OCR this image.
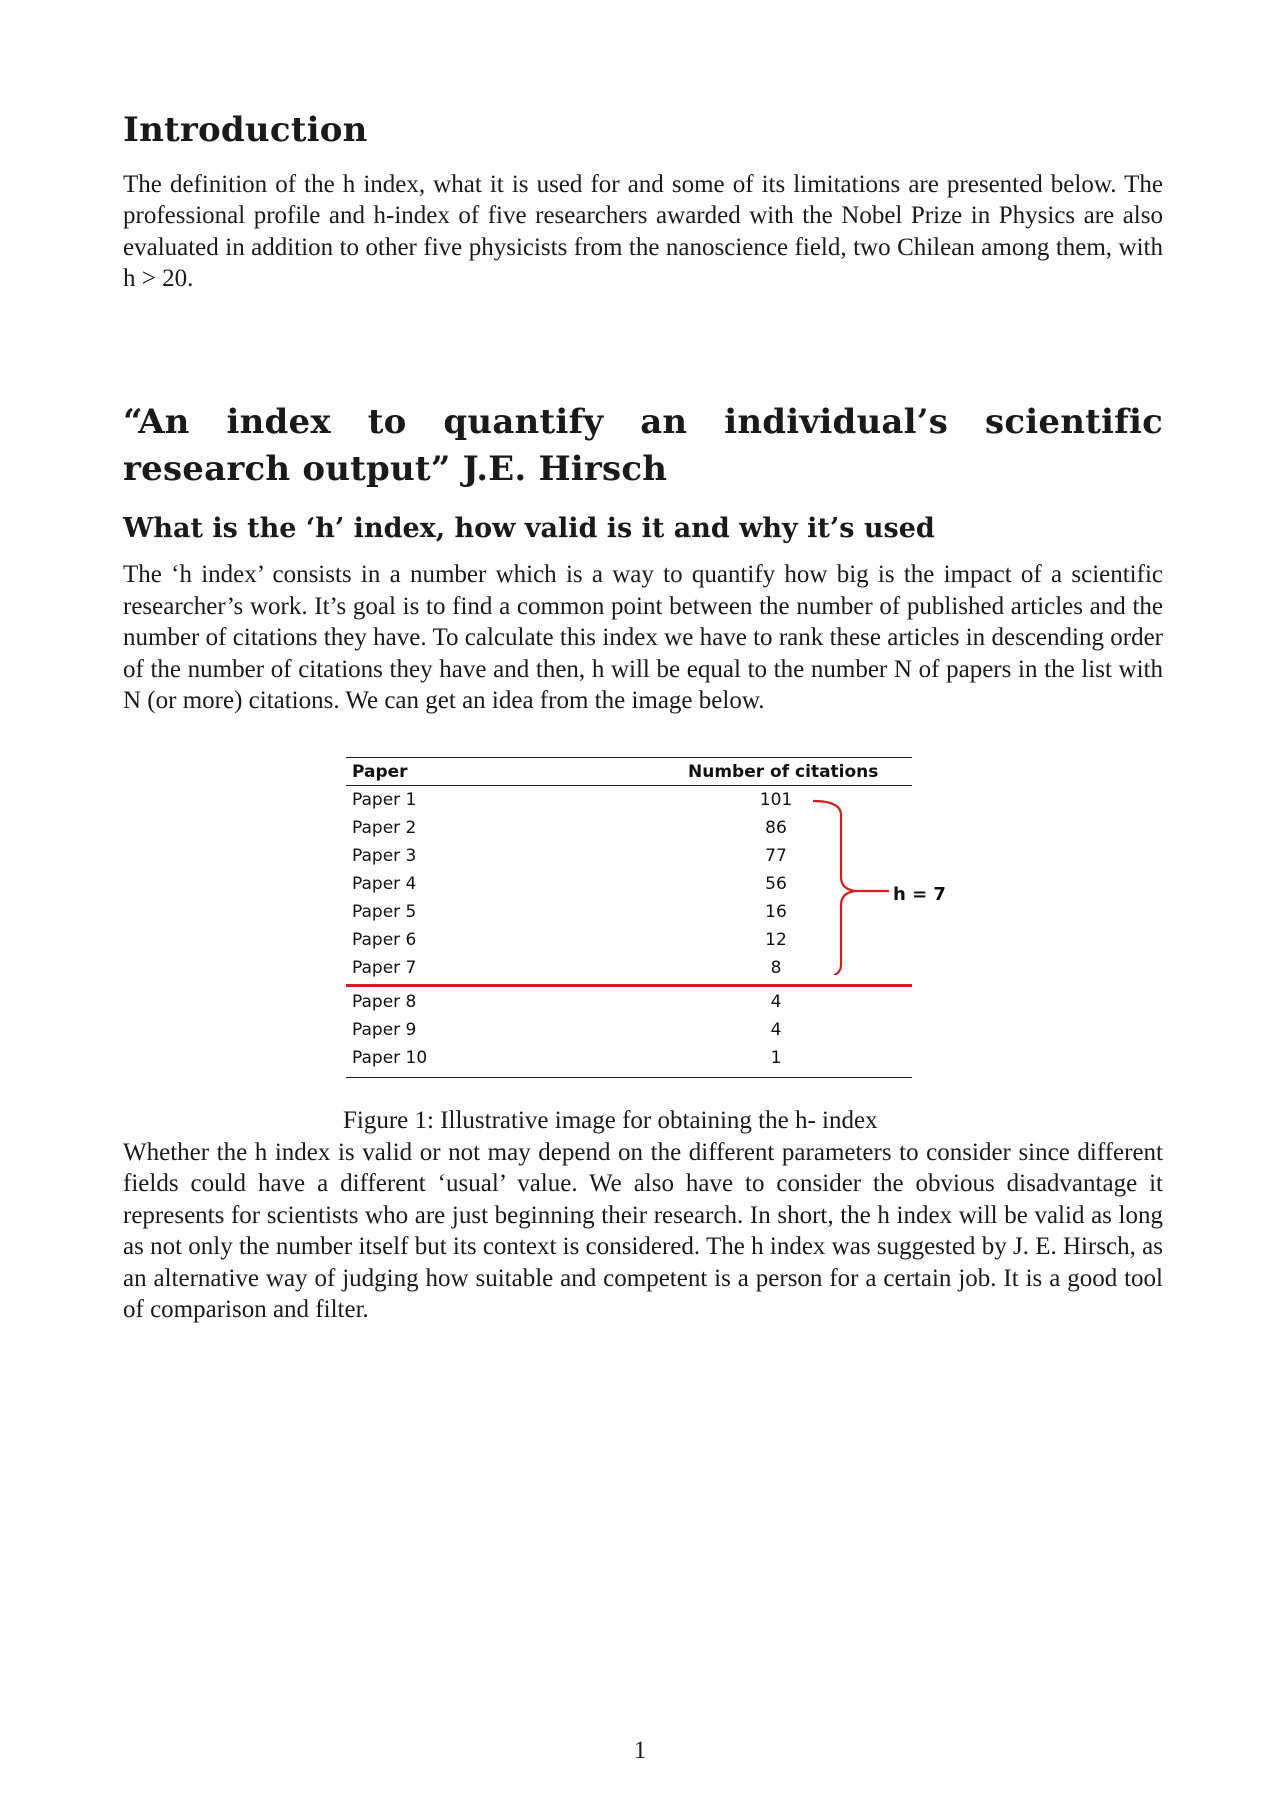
Introduction

The definition of the h index, what it is used for and some of its limitations are presented below. The professional profile and h-index of five researchers awarded with the Nobel Prize in Physics are also evaluated in addition to other five physicists from the nanoscience field, two Chilean among them, with h > 20.

“An index to quantify an individual’s scientific research output” J.E. Hirsch
What is the ‘h’ index, how valid is it and why it’s used

The ‘h index’ consists in a number which is a way to quantify how big is the impact of a scientific researcher’s work. It’s goal is to find a common point between the number of published articles and the number of citations they have. To calculate this index we have to rank these articles in descending order of the number of citations they have and then, h will be equal to the number N of papers in the list with N (or more) citations. We can get an idea from the image below.

Paper	Number of citations
Paper 1	101
Paper 2	86
Paper 3	77
Paper 4	56
Paper 5	16
Paper 6	12
Paper 7	8
Paper 8	4
Paper 9	4
Paper 10	1
h = 7
Figure 1: Illustrative image for obtaining the h- index

Whether the h index is valid or not may depend on the different parameters to consider since different fields could have a different ‘usual’ value. We also have to consider the obvious disadvantage it represents for scientists who are just beginning their research. In short, the h index will be valid as long as not only the number itself but its context is considered. The h index was suggested by J. E. Hirsch, as an alternative way of judging how suitable and competent is a person for a certain job. It is a good tool of comparison and filter.

1
